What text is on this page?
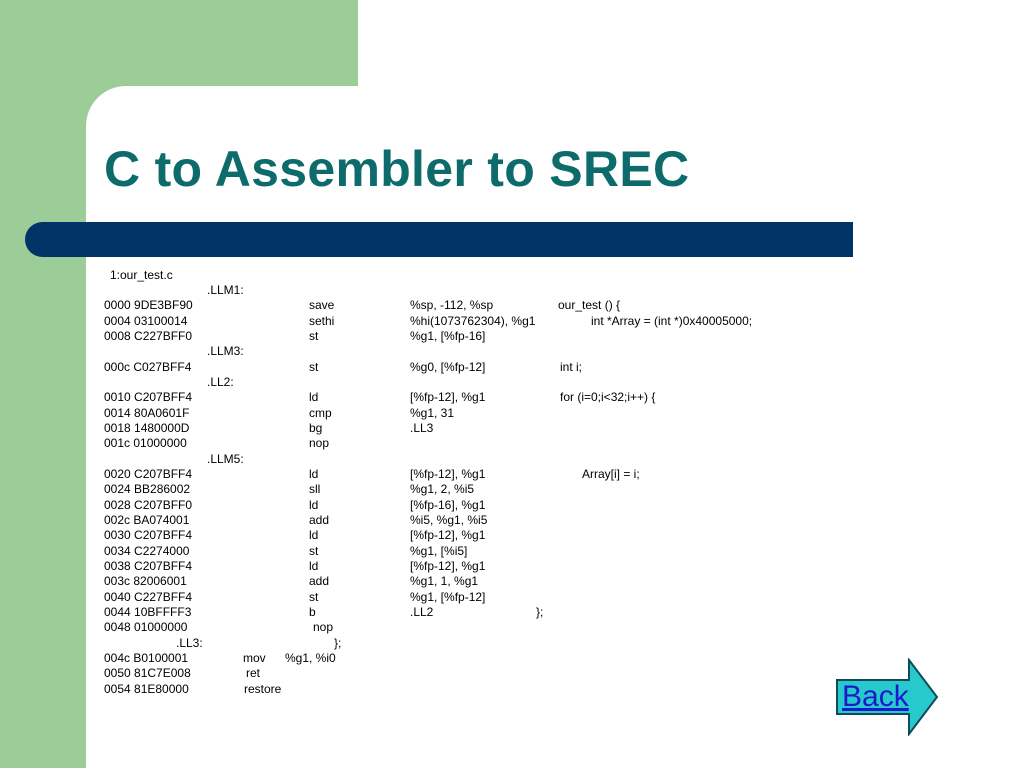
C to Assembler to SREC
1:our_test.c
.LLM1:
0000 9DE3BF90	save	%sp, -112, %sp	our_test () {
0004 03100014	sethi	%hi(1073762304), %g1	int *Array = (int *)0x40005000;
0008 C227BFF0	st	%g1, [%fp-16]
.LLM3:
000c C027BFF4	st	%g0, [%fp-12]	int i;
.LL2:
0010 C207BFF4	ld	[%fp-12], %g1	for (i=0;i<32;i++) {
0014 80A0601F	cmp	%g1, 31
0018 1480000D	bg	.LL3
001c 01000000	nop
.LLM5:
0020 C207BFF4	ld	[%fp-12], %g1	Array[i] = i;
0024 BB286002	sll	%g1, 2, %i5
0028 C207BFF0	ld	[%fp-16], %g1
002c BA074001	add	%i5, %g1, %i5
0030 C207BFF4	ld	[%fp-12], %g1
0034 C2274000	st	%g1, [%i5]
0038 C207BFF4	ld	[%fp-12], %g1
003c 82006001	add	%g1, 1, %g1
0040 C227BFF4	st	%g1, [%fp-12]
0044 10BFFFF3	b	.LL2	};
0048 01000000	nop
.LL3:	};
004c B0100001	mov %g1, %i0
0050 81C7E008	ret
0054 81E80000	restore	Back
